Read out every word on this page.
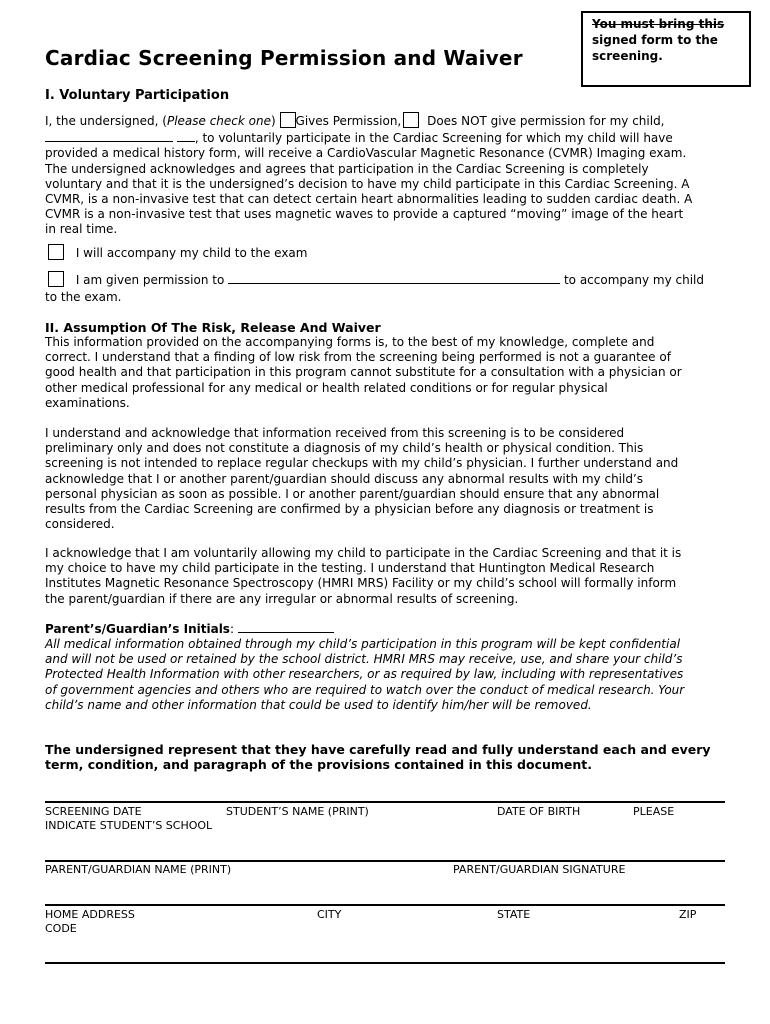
You must bring this
signed form to the
screening.
Cardiac Screening Permission and Waiver
I. Voluntary Participation
I, the undersigned, (Please check one) Gives Permission, Does NOT give permission for my child,
, to voluntarily participate in the Cardiac Screening for which my child will have
provided a medical history form, will receive a CardioVascular Magnetic Resonance (CVMR) Imaging exam.
The undersigned acknowledges and agrees that participation in the Cardiac Screening is completely
voluntary and that it is the undersigned’s decision to have my child participate in this Cardiac Screening. A
CVMR, is a non-invasive test that can detect certain heart abnormalities leading to sudden cardiac death. A
CVMR is a non-invasive test that uses magnetic waves to provide a captured “moving” image of the heart
in real time.
I will accompany my child to the exam
I am given permission to	to accompany my child
to the exam.
II. Assumption Of The Risk, Release And Waiver
This information provided on the accompanying forms is, to the best of my knowledge, complete and
correct. I understand that a finding of low risk from the screening being performed is not a guarantee of
good health and that participation in this program cannot substitute for a consultation with a physician or
other medical professional for any medical or health related conditions or for regular physical
examinations.
I understand and acknowledge that information received from this screening is to be considered
preliminary only and does not constitute a diagnosis of my child’s health or physical condition. This
screening is not intended to replace regular checkups with my child’s physician. I further understand and
acknowledge that I or another parent/guardian should discuss any abnormal results with my child’s
personal physician as soon as possible. I or another parent/guardian should ensure that any abnormal
results from the Cardiac Screening are confirmed by a physician before any diagnosis or treatment is
considered.
I acknowledge that I am voluntarily allowing my child to participate in the Cardiac Screening and that it is
my choice to have my child participate in the testing. I understand that Huntington Medical Research
Institutes Magnetic Resonance Spectroscopy (HMRI MRS) Facility or my child’s school will formally inform
the parent/guardian if there are any irregular or abnormal results of screening.
Parent’s/Guardian’s Initials:
All medical information obtained through my child’s participation in this program will be kept confidential
and will not be used or retained by the school district. HMRI MRS may receive, use, and share your child’s
Protected Health Information with other researchers, or as required by law, including with representatives
of government agencies and others who are required to watch over the conduct of medical research. Your
child’s name and other information that could be used to identify him/her will be removed.
The undersigned represent that they have carefully read and fully understand each and every
term, condition, and paragraph of the provisions contained in this document.
SCREENING DATE	STUDENT’S NAME (PRINT)	DATE OF BIRTH	PLEASE
INDICATE STUDENT’S SCHOOL
PARENT/GUARDIAN NAME (PRINT)	PARENT/GUARDIAN SIGNATURE
HOME ADDRESS	CITY	STATE	ZIP
CODE
